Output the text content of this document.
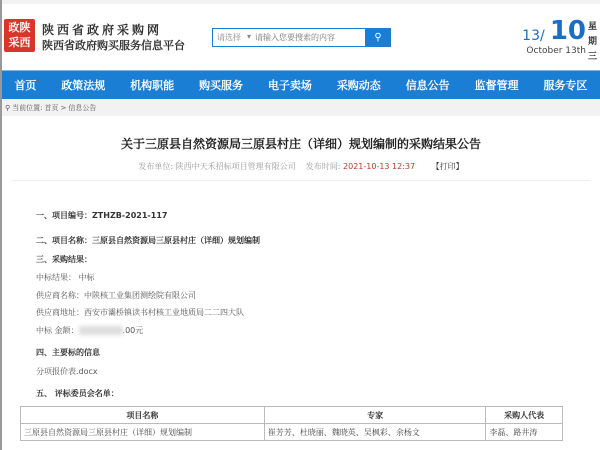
政陕
采西
陕西省政府采购网
陕西省政府购买服务信息平台
请选择 ▾
请输入您要搜索的内容	⚲	13/ 10
October 13th
星期三
首页 政策法规 机构职能 购买服务 电子卖场 采购动态 信息公告 监督管理 服务专区
⚲ 当前位置: 首页 > 信息公告
关于三原县自然资源局三原县村庄（详细）规划编制的采购结果公告
发布单位: 陕西中天禾招标项目管理有限公司 发布时间: 2021-10-13 12:37 【打印】
一、项目编号：ZTHZB-2021-117
二、项目名称：三原县自然资源局三原县村庄（详细）规划编制
三、采购结果：
中标结果： 中标
供应商名称：中陕核工业集团测绘院有限公司
供应商地址：西安市灞桥镇读书村核工业地质局二二四大队
中标 金额：	.00元
四、主要标的信息
分项报价表.docx
五、 评标委员会名单：
项目名称	专家	采购人代表
三原县自然资源局三原县村庄（详细）规划编制	崔芳芳、杜晓丽、魏晓英、吴枫彩、余杨文	李磊、路井涛
